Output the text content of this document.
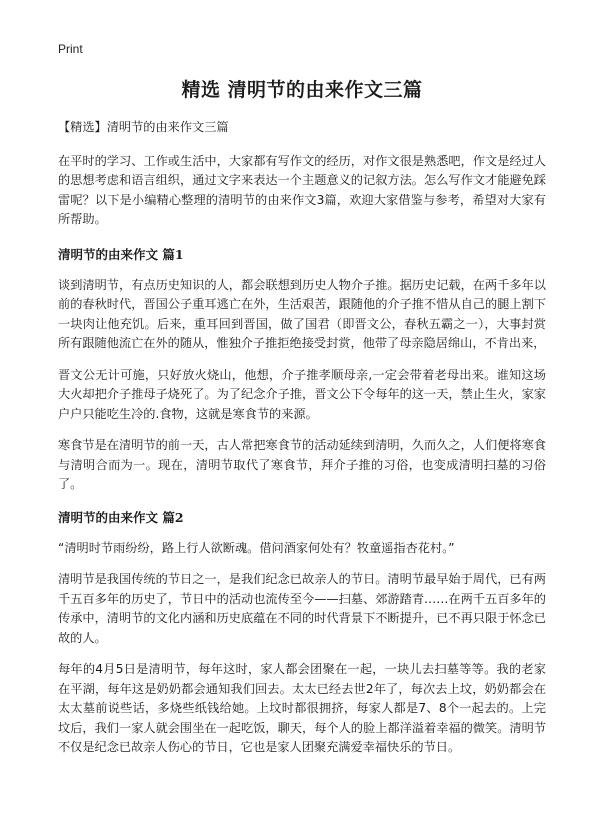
Print
精选 清明节的由来作文三篇

【精选】清明节的由来作文三篇

在平时的学习、工作或生活中，大家都有写作文的经历，对作文很是熟悉吧，作文是经过人的思想考虑和语言组织，通过文字来表达一个主题意义的记叙方法。怎么写作文才能避免踩雷呢？以下是小编精心整理的清明节的由来作文3篇，欢迎大家借鉴与参考，希望对大家有所帮助。

清明节的由来作文 篇1

谈到清明节，有点历史知识的人，都会联想到历史人物介子推。据历史记载，在两千多年以前的春秋时代，晋国公子重耳逃亡在外，生活艰苦，跟随他的介子推不惜从自己的腿上割下一块肉让他充饥。后来，重耳回到晋国，做了国君（即晋文公，春秋五霸之一），大事封赏所有跟随他流亡在外的随从，惟独介子推拒绝接受封赏，他带了母亲隐居绵山，不肯出来，

晋文公无计可施，只好放火烧山，他想，介子推孝顺母亲,一定会带着老母出来。谁知这场大火却把介子推母子烧死了。为了纪念介子推，晋文公下令每年的这一天，禁止生火，家家户户只能吃生冷的.食物，这就是寒食节的来源。

寒食节是在清明节的前一天，古人常把寒食节的活动延续到清明，久而久之，人们便将寒食与清明合而为一。现在，清明节取代了寒食节，拜介子推的习俗，也变成清明扫墓的习俗了。

清明节的由来作文 篇2

“清明时节雨纷纷，路上行人欲断魂。借问酒家何处有？牧童遥指杏花村。”

清明节是我国传统的节日之一，是我们纪念已故亲人的节日。清明节最早始于周代，已有两千五百多年的历史了，节日中的活动也流传至今——扫墓、郊游踏青……在两千五百多年的传承中，清明节的文化内涵和历史底蕴在不同的时代背景下不断提升，已不再只限于怀念已故的人。

每年的4月5日是清明节，每年这时，家人都会团聚在一起，一块儿去扫墓等等。我的老家在平湖，每年这是奶奶都会通知我们回去。太太已经去世2年了，每次去上坟，奶奶都会在太太墓前说些话，多烧些纸钱给她。上坟时都很拥挤，每家人都是7、8个一起去的。上完坟后，我们一家人就会围坐在一起吃饭，聊天，每个人的脸上都洋溢着幸福的微笑。清明节不仅是纪念已故亲人伤心的节日，它也是家人团聚充满爱幸福快乐的节日。
